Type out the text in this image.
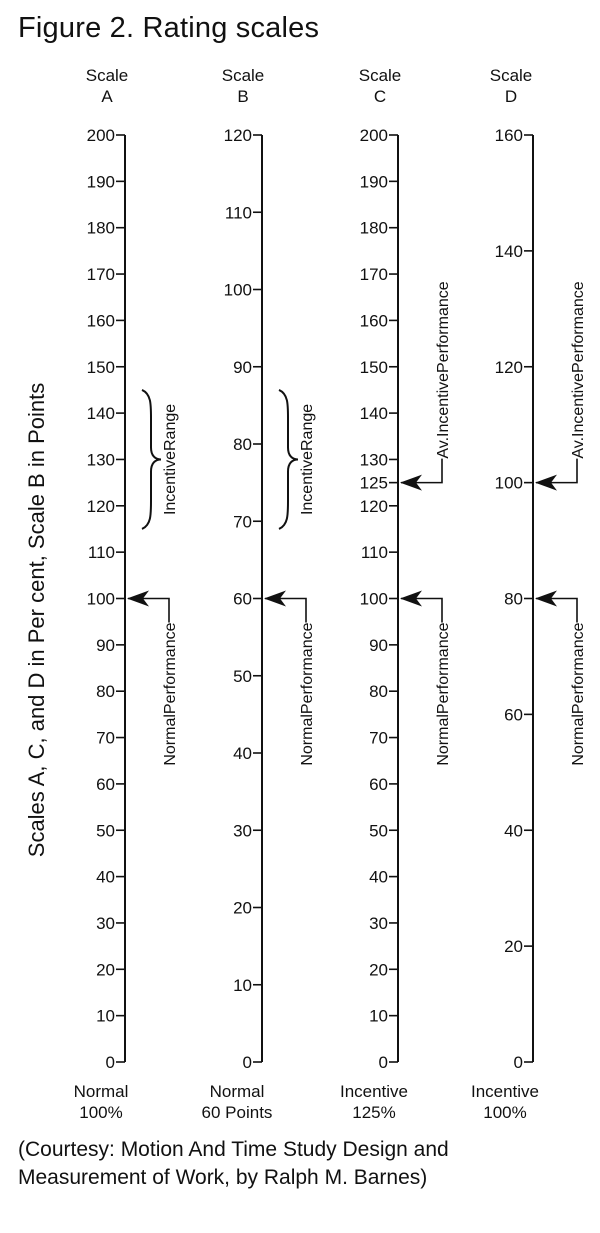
Figure 2. Rating scales
Scales A, C, and D in Per cent, Scale B in Points
Scale
A
0
10
20
30
40
50
60
70
80
90
100
110
120
130
140
150
160
170
180
190
200
NormalPerformance
IncentiveRange
Normal
100%
Scale
B
0
10
20
30
40
50
60
70
80
90
100
110
120
NormalPerformance
IncentiveRange
Normal
60 Points
Scale
C
0
10
20
30
40
50
60
70
80
90
100
110
120
130
140
150
160
170
180
190
200
125
NormalPerformance
Av.IncentivePerformance
Incentive
125%
Scale
D
0
20
40
60
80
100
120
140
160
NormalPerformance
Av.IncentivePerformance
Incentive
100%

(Courtesy: Motion And Time Study Design and
Measurement of Work, by Ralph M. Barnes)
